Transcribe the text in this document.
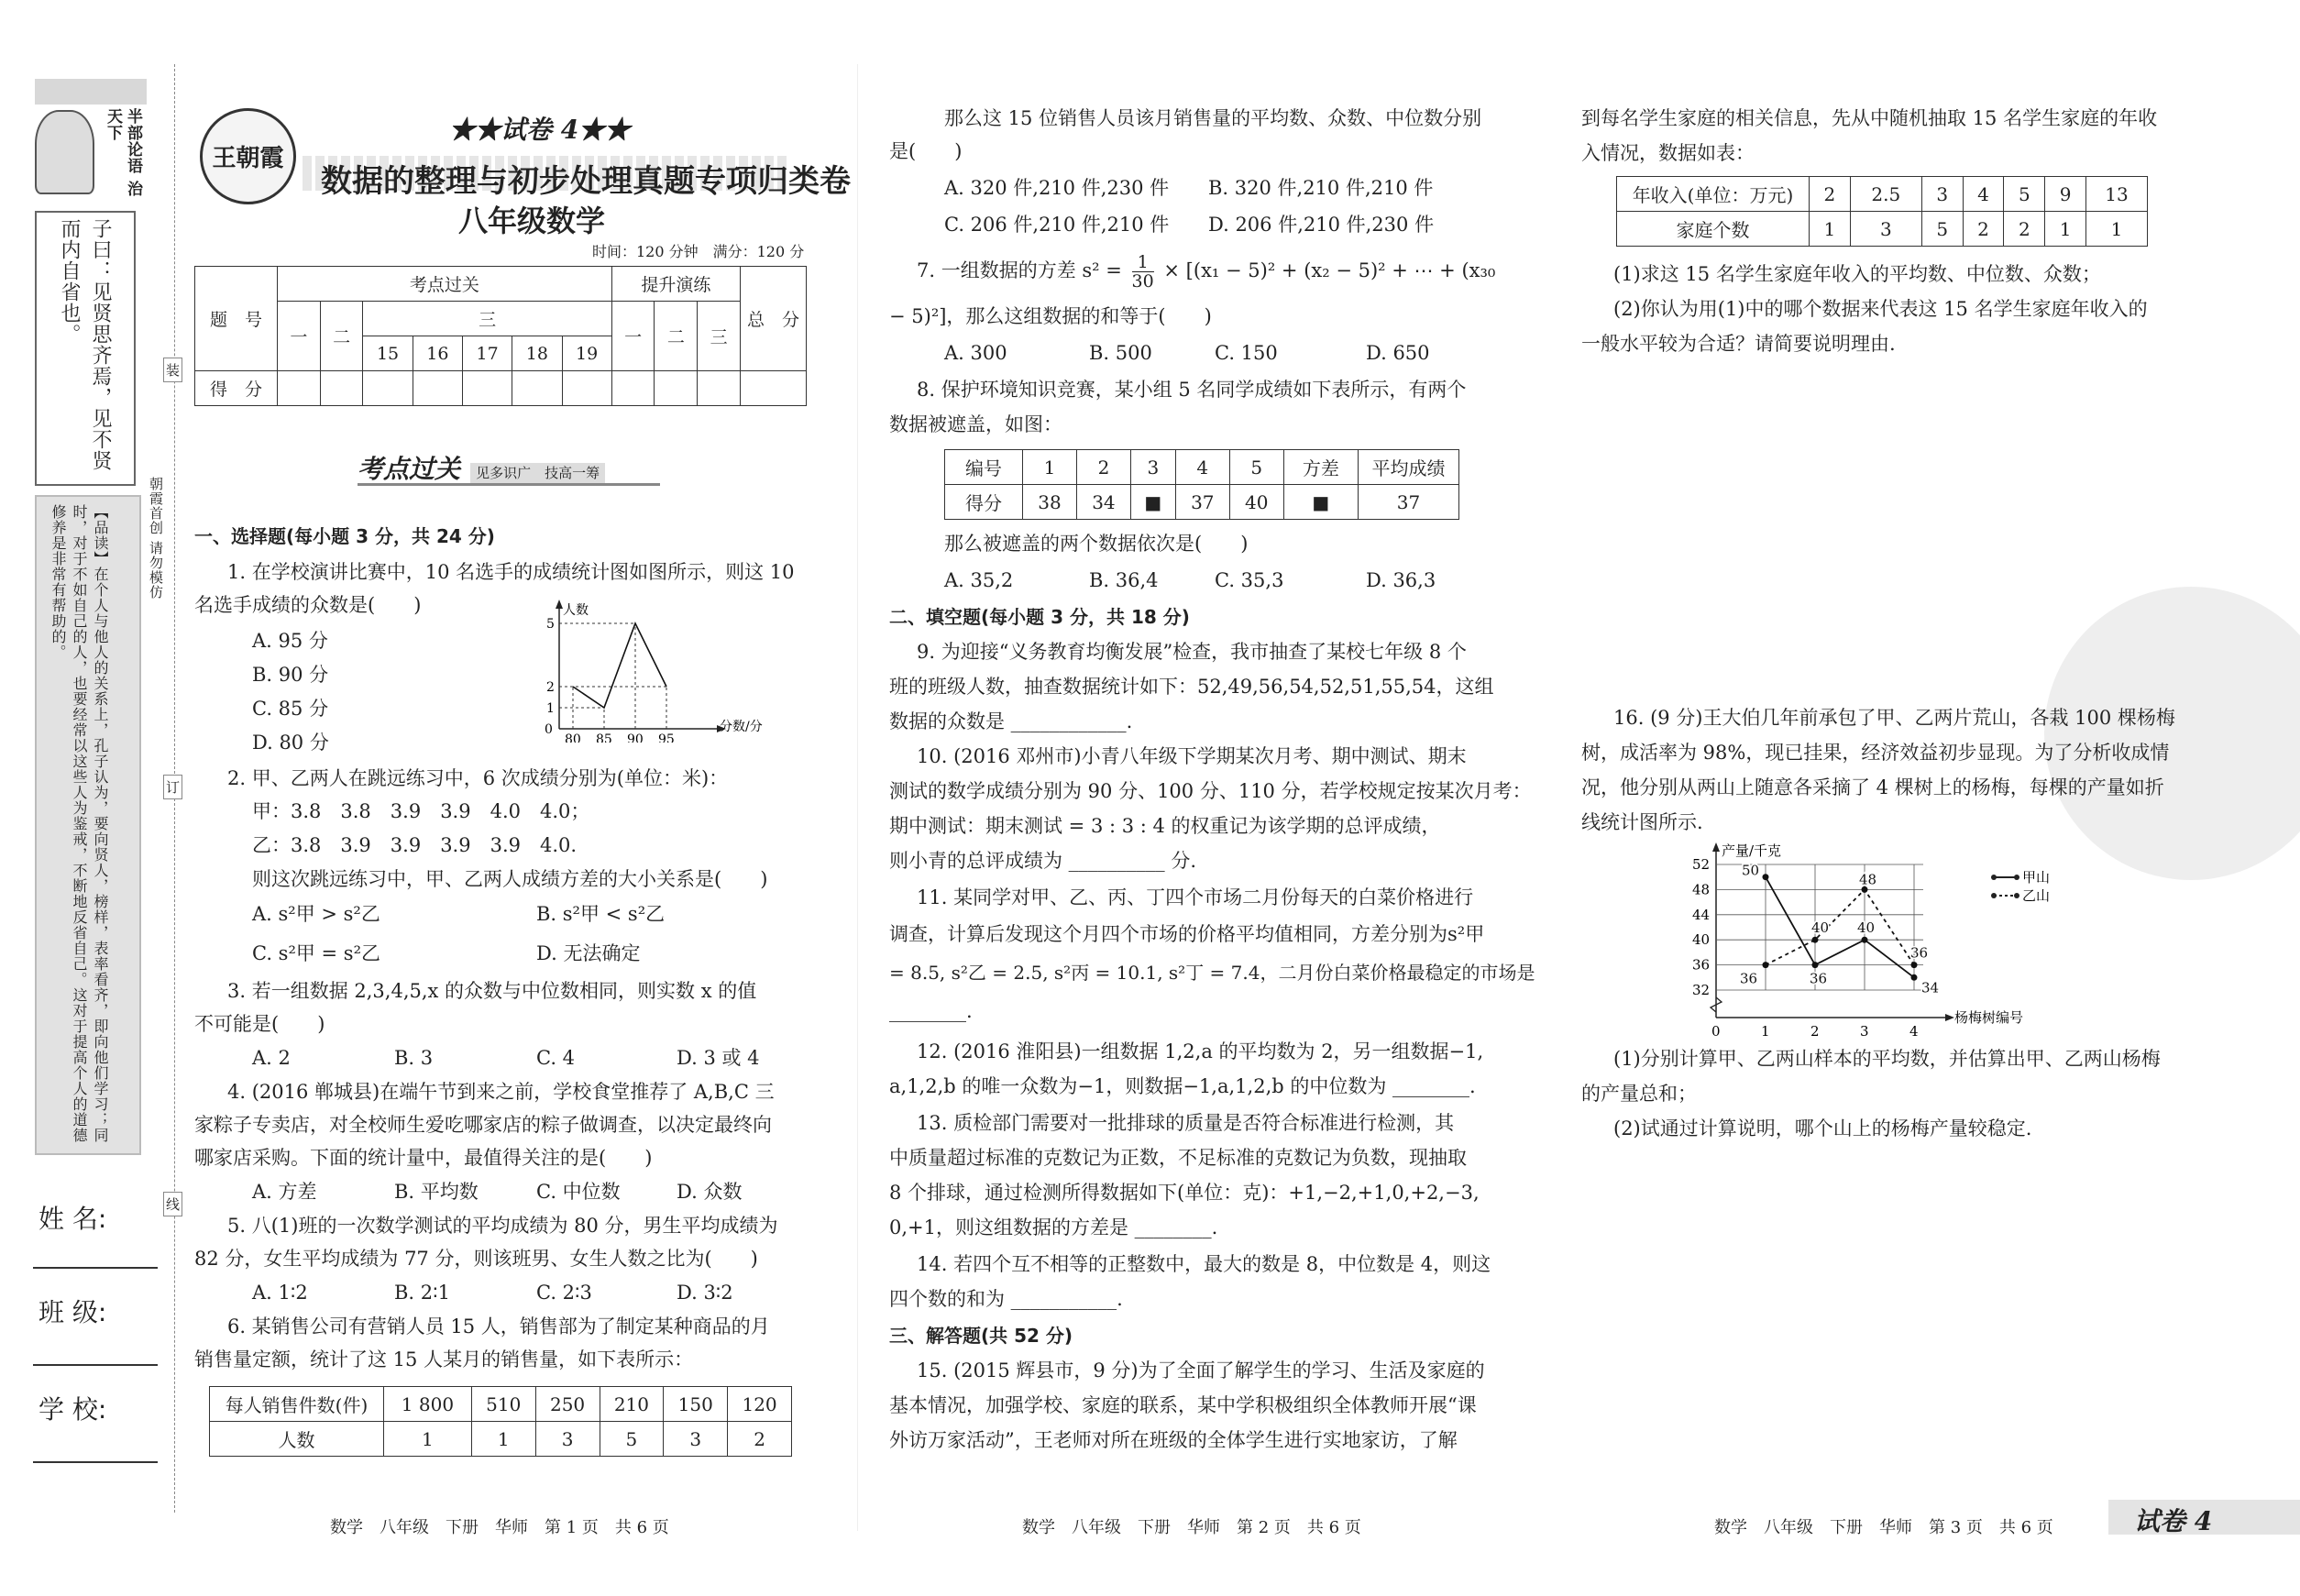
半部论语 治天下
子曰：见贤思齐焉，见不贤而内自省也。
【品读】在个人与他人的关系上，孔子认为，要向贤人，榜样，表率看齐，即向他们学习；同时，对于不如自己的人，也要经常以这些人为鉴戒，不断地反省自己。这对于提高个人的道德修养是非常有帮助的。	朝霞首创 请勿模仿
装
订
线
姓 名:
班 级:
学 校:
王朝霞
★★试卷 4★★
数据的整理与初步处理真题专项归类卷
八年级数学
时间：120 分钟　满分：120 分
题　号	考点过关							提升演练			总　分
	一	二	三					一	二	三	
			15	16	17	18	19				
得　分											
考点过关 见多识广　技高一筹
一、选择题(每小题 3 分，共 24 分)
1. 在学校演讲比赛中，10 名选手的成绩统计图如图所示，则这 10
名选手成绩的众数是(　　)
A. 95 分
B. 90 分
C. 85 分
D. 80 分
人数
分数/分
80 85 90 95
0
1
2
5
2. 甲、乙两人在跳远练习中，6 次成绩分别为(单位：米)：
甲：3.8　3.8　3.9　3.9　4.0　4.0；
乙：3.8　3.9　3.9　3.9　3.9　4.0.
则这次跳远练习中，甲、乙两人成绩方差的大小关系是(　　)
A. s²甲 > s²乙	B. s²甲 < s²乙
C. s²甲 = s²乙	D. 无法确定
3. 若一组数据 2,3,4,5,x 的众数与中位数相同，则实数 x 的值
不可能是(　　)
A. 2	B. 3	C. 4	D. 3 或 4
4. (2016 郸城县)在端午节到来之前，学校食堂推荐了 A,B,C 三
家粽子专卖店，对全校师生爱吃哪家店的粽子做调查，以决定最终向
哪家店采购。下面的统计量中，最值得关注的是(　　)
A. 方差	B. 平均数	C. 中位数	D. 众数
5. 八(1)班的一次数学测试的平均成绩为 80 分，男生平均成绩为
82 分，女生平均成绩为 77 分，则该班男、女生人数之比为(　　)
A. 1∶2	B. 2∶1	C. 2∶3	D. 3∶2
6. 某销售公司有营销人员 15 人，销售部为了制定某种商品的月
销售量定额，统计了这 15 人某月的销售量，如下表所示：
每人销售件数(件)	1 800	510	250	210	150	120
人数	1	1	3	5	3	2
数学　八年级　下册　华师　第 1 页　共 6 页
那么这 15 位销售人员该月销售量的平均数、众数、中位数分别
是(　　)
A. 320 件,210 件,230 件 B. 320 件,210 件,210 件
C. 206 件,210 件,210 件 D. 206 件,210 件,230 件
7. 一组数据的方差 $s^2 = \frac{1}{30} \times [(x_1 - 5)^2 + (x_2 - 5)^2$ + ⋯ + (x₃₀
− 5)²]，那么这组数据的和等于(　　)
A. 300	B. 500	C. 150	D. 650
8. 保护环境知识竞赛，某小组 5 名同学成绩如下表所示，有两个
数据被遮盖，如图：
编号	1	2	3	4	5	方差	平均成绩
得分	38	34	■	37	40	■	37
那么被遮盖的两个数据依次是(　　)
A. 35,2	B. 36,4	C. 35,3	D. 36,3
二、填空题(每小题 3 分，共 18 分)
9. 为迎接“义务教育均衡发展”检查，我市抽查了某校七年级 8 个
班的班级人数，抽查数据统计如下：52,49,56,54,52,51,55,54，这组
数据的众数是 ____________.
10. (2016 邓州市)小青八年级下学期某次月考、期中测试、期末
测试的数学成绩分别为 90 分、100 分、110 分，若学校规定按某次月考：
期中测试：期末测试 = 3 : 3 : 4 的权重记为该学期的总评成绩，
则小青的总评成绩为 __________ 分.
11. 某同学对甲、乙、丙、丁四个市场二月份每天的白菜价格进行
调查，计算后发现这个月四个市场的价格平均值相同，方差分别为s²甲
= 8.5, s²乙 = 2.5, s²丙 = 10.1, s²丁 = 7.4，二月份白菜价格最稳定的市场是
________.
12. (2016 淮阳县)一组数据 1,2,a 的平均数为 2，另一组数据−1,
a,1,2,b 的唯一众数为−1，则数据−1,a,1,2,b 的中位数为 ________.
13. 质检部门需要对一批排球的质量是否符合标准进行检测，其
中质量超过标准的克数记为正数，不足标准的克数记为负数，现抽取
8 个排球，通过检测所得数据如下(单位：克)：+1,−2,+1,0,+2,−3,
0,+1，则这组数据的方差是 ________.
14. 若四个互不相等的正整数中，最大的数是 8，中位数是 4，则这
四个数的和为 ___________.
三、解答题(共 52 分)
15. (2015 辉县市，9 分)为了全面了解学生的学习、生活及家庭的
基本情况，加强学校、家庭的联系，某中学积极组织全体教师开展“课
外访万家活动”，王老师对所在班级的全体学生进行实地家访，了解
数学　八年级　下册　华师　第 2 页　共 6 页
到每名学生家庭的相关信息，先从中随机抽取 15 名学生家庭的年收
入情况，数据如表：
年收入(单位：万元)	2	2.5	3	4	5	9	13
家庭个数	1	3	5	2	2	1	1
(1)求这 15 名学生家庭年收入的平均数、中位数、众数；
(2)你认为用(1)中的哪个数据来代表这 15 名学生家庭年收入的
一般水平较为合适？请简要说明理由.
16. (9 分)王大伯几年前承包了甲、乙两片荒山，各栽 100 棵杨梅
树，成活率为 98%，现已挂果，经济效益初步显现。为了分析收成情
况，他分别从两山上随意各采摘了 4 棵树上的杨梅，每棵的产量如折
线统计图所示.
产量/千克
杨梅树编号
甲山
乙山
32
36
40
44
48
52
1	2	3	4
0
50
36
40
34
36
40
48
36
(1)分别计算甲、乙两山样本的平均数，并估算出甲、乙两山杨梅
的产量总和；
(2)试通过计算说明，哪个山上的杨梅产量较稳定.
数学　八年级　下册　华师　第 3 页　共 6 页	试卷 4
